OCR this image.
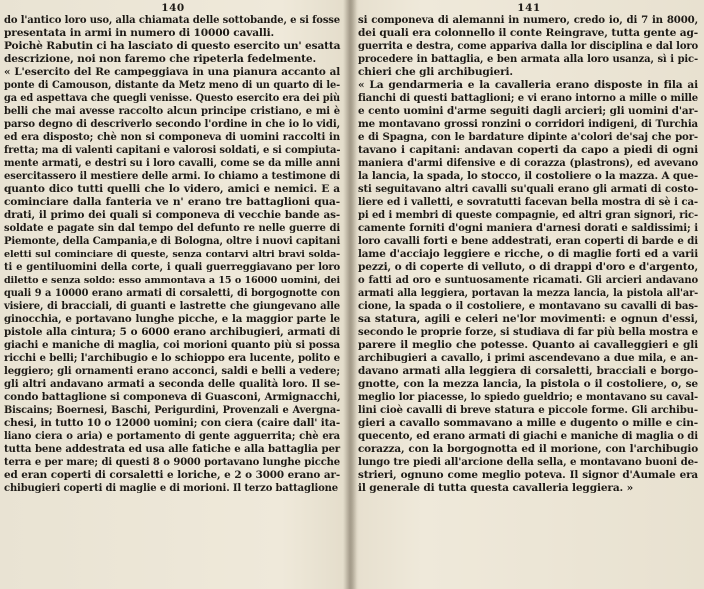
140
do l'antico loro uso, alla chiamata delle sottobande, e si fosse
presentata in armi in numero di 10000 cavalli.
Poichè Rabutin ci ha lasciato di questo esercito un' esatta
descrizione, noi non faremo che ripeterla fedelmente.
« L'esercito del Re campeggiava in una pianura accanto al
ponte di Camouson, distante da Metz meno di un quarto di le-
ga ed aspettava che quegli venisse. Questo esercito era dei più
belli che mai avesse raccolto alcun principe cristiano, e mi è
parso degno di descriverlo secondo l'ordine in che io lo vidi,
ed era disposto; chè non si componeva di uomini raccolti in
fretta; ma di valenti capitani e valorosi soldati, e si compiuta-
mente armati, e destri su i loro cavalli, come se da mille anni
esercitassero il mestiere delle armi. Io chiamo a testimone di
quanto dico tutti quelli che lo videro, amici e nemici. E a
cominciare dalla fanteria ve n' erano tre battaglioni qua-
drati, il primo dei quali si componeva di vecchie bande as-
soldate e pagate sin dal tempo del defunto re nelle guerre di
Piemonte, della Campania,e di Bologna, oltre i nuovi capitani
eletti sul cominciare di queste, senza contarvi altri bravi solda-
ti e gentiluomini della corte, i quali guerreggiavano per loro
diletto e senza soldo: esso ammontava a 15 o 16000 uomini, dei
quali 9 a 10000 erano armati di corsaletti, di borgognotte con
visiere, di bracciali, di guanti e lastrette che giungevano alle
ginocchia, e portavano lunghe picche, e la maggior parte le
pistole alla cintura; 5 o 6000 erano archibugieri, armati di
giachi e maniche di maglia, coi morioni quanto più si possa
ricchi e belli; l'archibugio e lo schioppo era lucente, polito e
leggiero; gli ornamenti erano acconci, saldi e belli a vedere;
gli altri andavano armati a seconda delle qualità loro. Il se-
condo battaglione si componeva di Guasconi, Armignacchi,
Biscains; Boernesi, Baschi, Perigurdini, Provenzali e Avergna-
chesi, in tutto 10 o 12000 uomini; con ciera (caire dall' ita-
liano ciera o aria) e portamento di gente agguerrita; chè era
tutta bene addestrata ed usa alle fatiche e alla battaglia per
terra e per mare; di questi 8 o 9000 portavano lunghe picche
ed eran coperti di corsaletti e loriche, e 2 o 3000 erano ar-
chibugieri coperti di maglie e di morioni. Il terzo battaglione
141
si componeva di alemanni in numero, credo io, di 7 in 8000,
dei quali era colonnello il conte Reingrave, tutta gente ag-
guerrita e destra, come appariva dalla lor disciplina e dal loro
procedere in battaglia, e ben armata alla loro usanza, sì i pic-
chieri che gli archibugieri.
« La gendarmeria e la cavalleria erano disposte in fila ai
fianchi di questi battaglioni; e vi erano intorno a mille o mille
e cento uomini d'arme seguiti dagli arcieri; gli uomini d'ar-
me montavano grossi ronzini o corridori indigeni, di Turchia
e di Spagna, con le bardature dipinte a'colori de'saj che por-
tavano i capitani: andavan coperti da capo a piedi di ogni
maniera d'armi difensive e di corazza (plastrons), ed avevano
la lancia, la spada, lo stocco, il costoliere o la mazza. A que-
sti seguitavano altri cavalli su'quali erano gli armati di costo-
liere ed i valletti, e sovratutti facevan bella mostra di sè i ca-
pi ed i membri di queste compagnie, ed altri gran signori, ric-
camente forniti d'ogni maniera d'arnesi dorati e saldissimi; i
loro cavalli forti e bene addestrati, eran coperti di barde e di
lame d'acciajo leggiere e ricche, o di maglie forti ed a varii
pezzi, o di coperte di velluto, o di drappi d'oro e d'argento,
o fatti ad oro e suntuosamente ricamati. Gli arcieri andavano
armati alla leggiera, portavan la mezza lancia, la pistola all'ar-
cione, la spada o il costoliere, e montavano su cavalli di bas-
sa statura, agili e celeri ne'lor movimenti: e ognun d'essi,
secondo le proprie forze, si studiava di far più bella mostra e
parere il meglio che potesse. Quanto ai cavalleggieri e gli
archibugieri a cavallo, i primi ascendevano a due mila, e an-
davano armati alla leggiera di corsaletti, bracciali e borgo-
gnotte, con la mezza lancia, la pistola o il costoliere, o, se
meglio lor piacesse, lo spiedo gueldrio; e montavano su caval-
lini cioè cavalli di breve statura e piccole forme. Gli archibu-
gieri a cavallo sommavano a mille e dugento o mille e cin-
quecento, ed erano armati di giachi e maniche di maglia o di
corazza, con la borgognotta ed il morione, con l'archibugio
lungo tre piedi all'arcione della sella, e montavano buoni de-
strieri, ognuno come meglio poteva. Il signor d'Aumale era
il generale di tutta questa cavalleria leggiera. »
